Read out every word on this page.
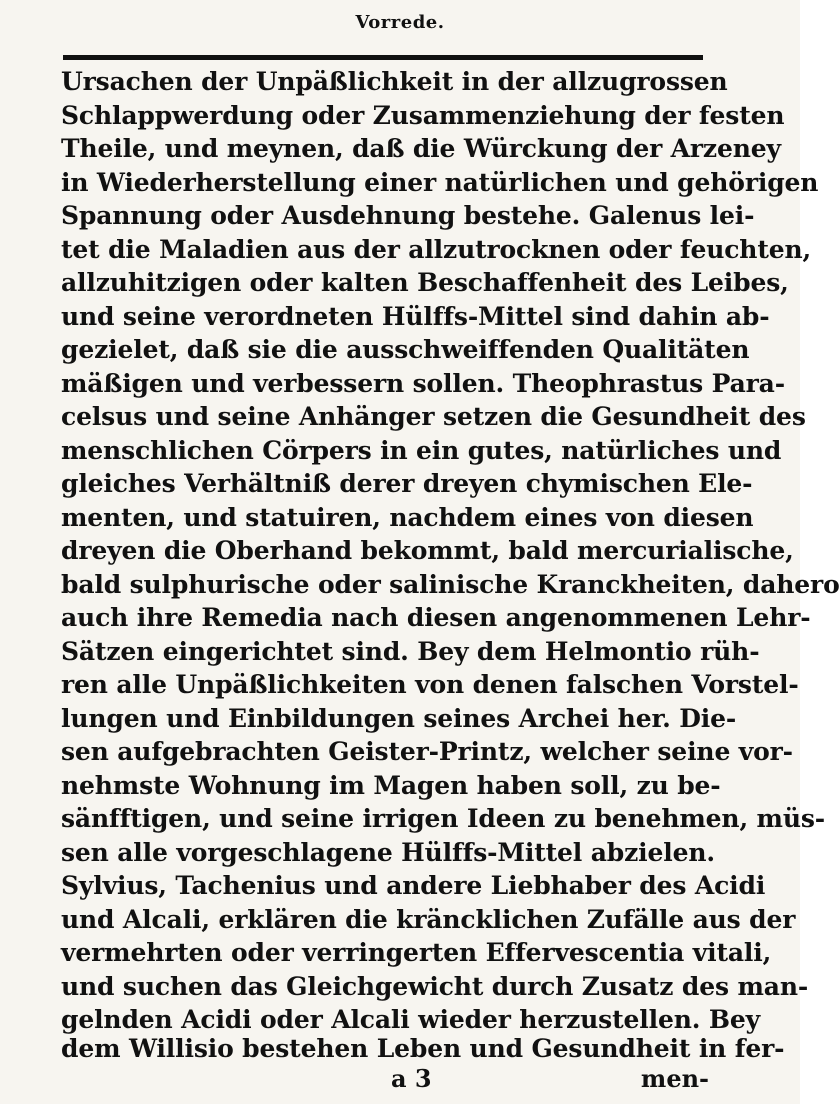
Vorrede.
Ursachen der Unpäßlichkeit in der allzugrossen
Schlappwerdung oder Zusammenziehung der festen
Theile, und meynen, daß die Würckung der Arzeney
in Wiederherstellung einer natürlichen und gehörigen
Spannung oder Ausdehnung bestehe. Galenus lei-
tet die Maladien aus der allzutrocknen oder feuchten,
allzuhitzigen oder kalten Beschaffenheit des Leibes,
und seine verordneten Hülffs-Mittel sind dahin ab-
gezielet, daß sie die ausschweiffenden Qualitäten
mäßigen und verbessern sollen. Theophrastus Para-
celsus und seine Anhänger setzen die Gesundheit des
menschlichen Cörpers in ein gutes, natürliches und
gleiches Verhältniß derer dreyen chymischen Ele-
menten, und statuiren, nachdem eines von diesen
dreyen die Oberhand bekommt, bald mercurialische,
bald sulphurische oder salinische Kranckheiten, dahero
auch ihre Remedia nach diesen angenommenen Lehr-
Sätzen eingerichtet sind. Bey dem Helmontio rüh-
ren alle Unpäßlichkeiten von denen falschen Vorstel-
lungen und Einbildungen seines Archei her. Die-
sen aufgebrachten Geister-Printz, welcher seine vor-
nehmste Wohnung im Magen haben soll, zu be-
sänfftigen, und seine irrigen Ideen zu benehmen, müs-
sen alle vorgeschlagene Hülffs-Mittel abzielen.
Sylvius, Tachenius und andere Liebhaber des Acidi
und Alcali, erklären die kräncklichen Zufälle aus der
vermehrten oder verringerten Effervescentia vitali,
und suchen das Gleichgewicht durch Zusatz des man-
gelnden Acidi oder Alcali wieder herzustellen. Bey
dem Willisio bestehen Leben und Gesundheit in fer-
a 3	men-
